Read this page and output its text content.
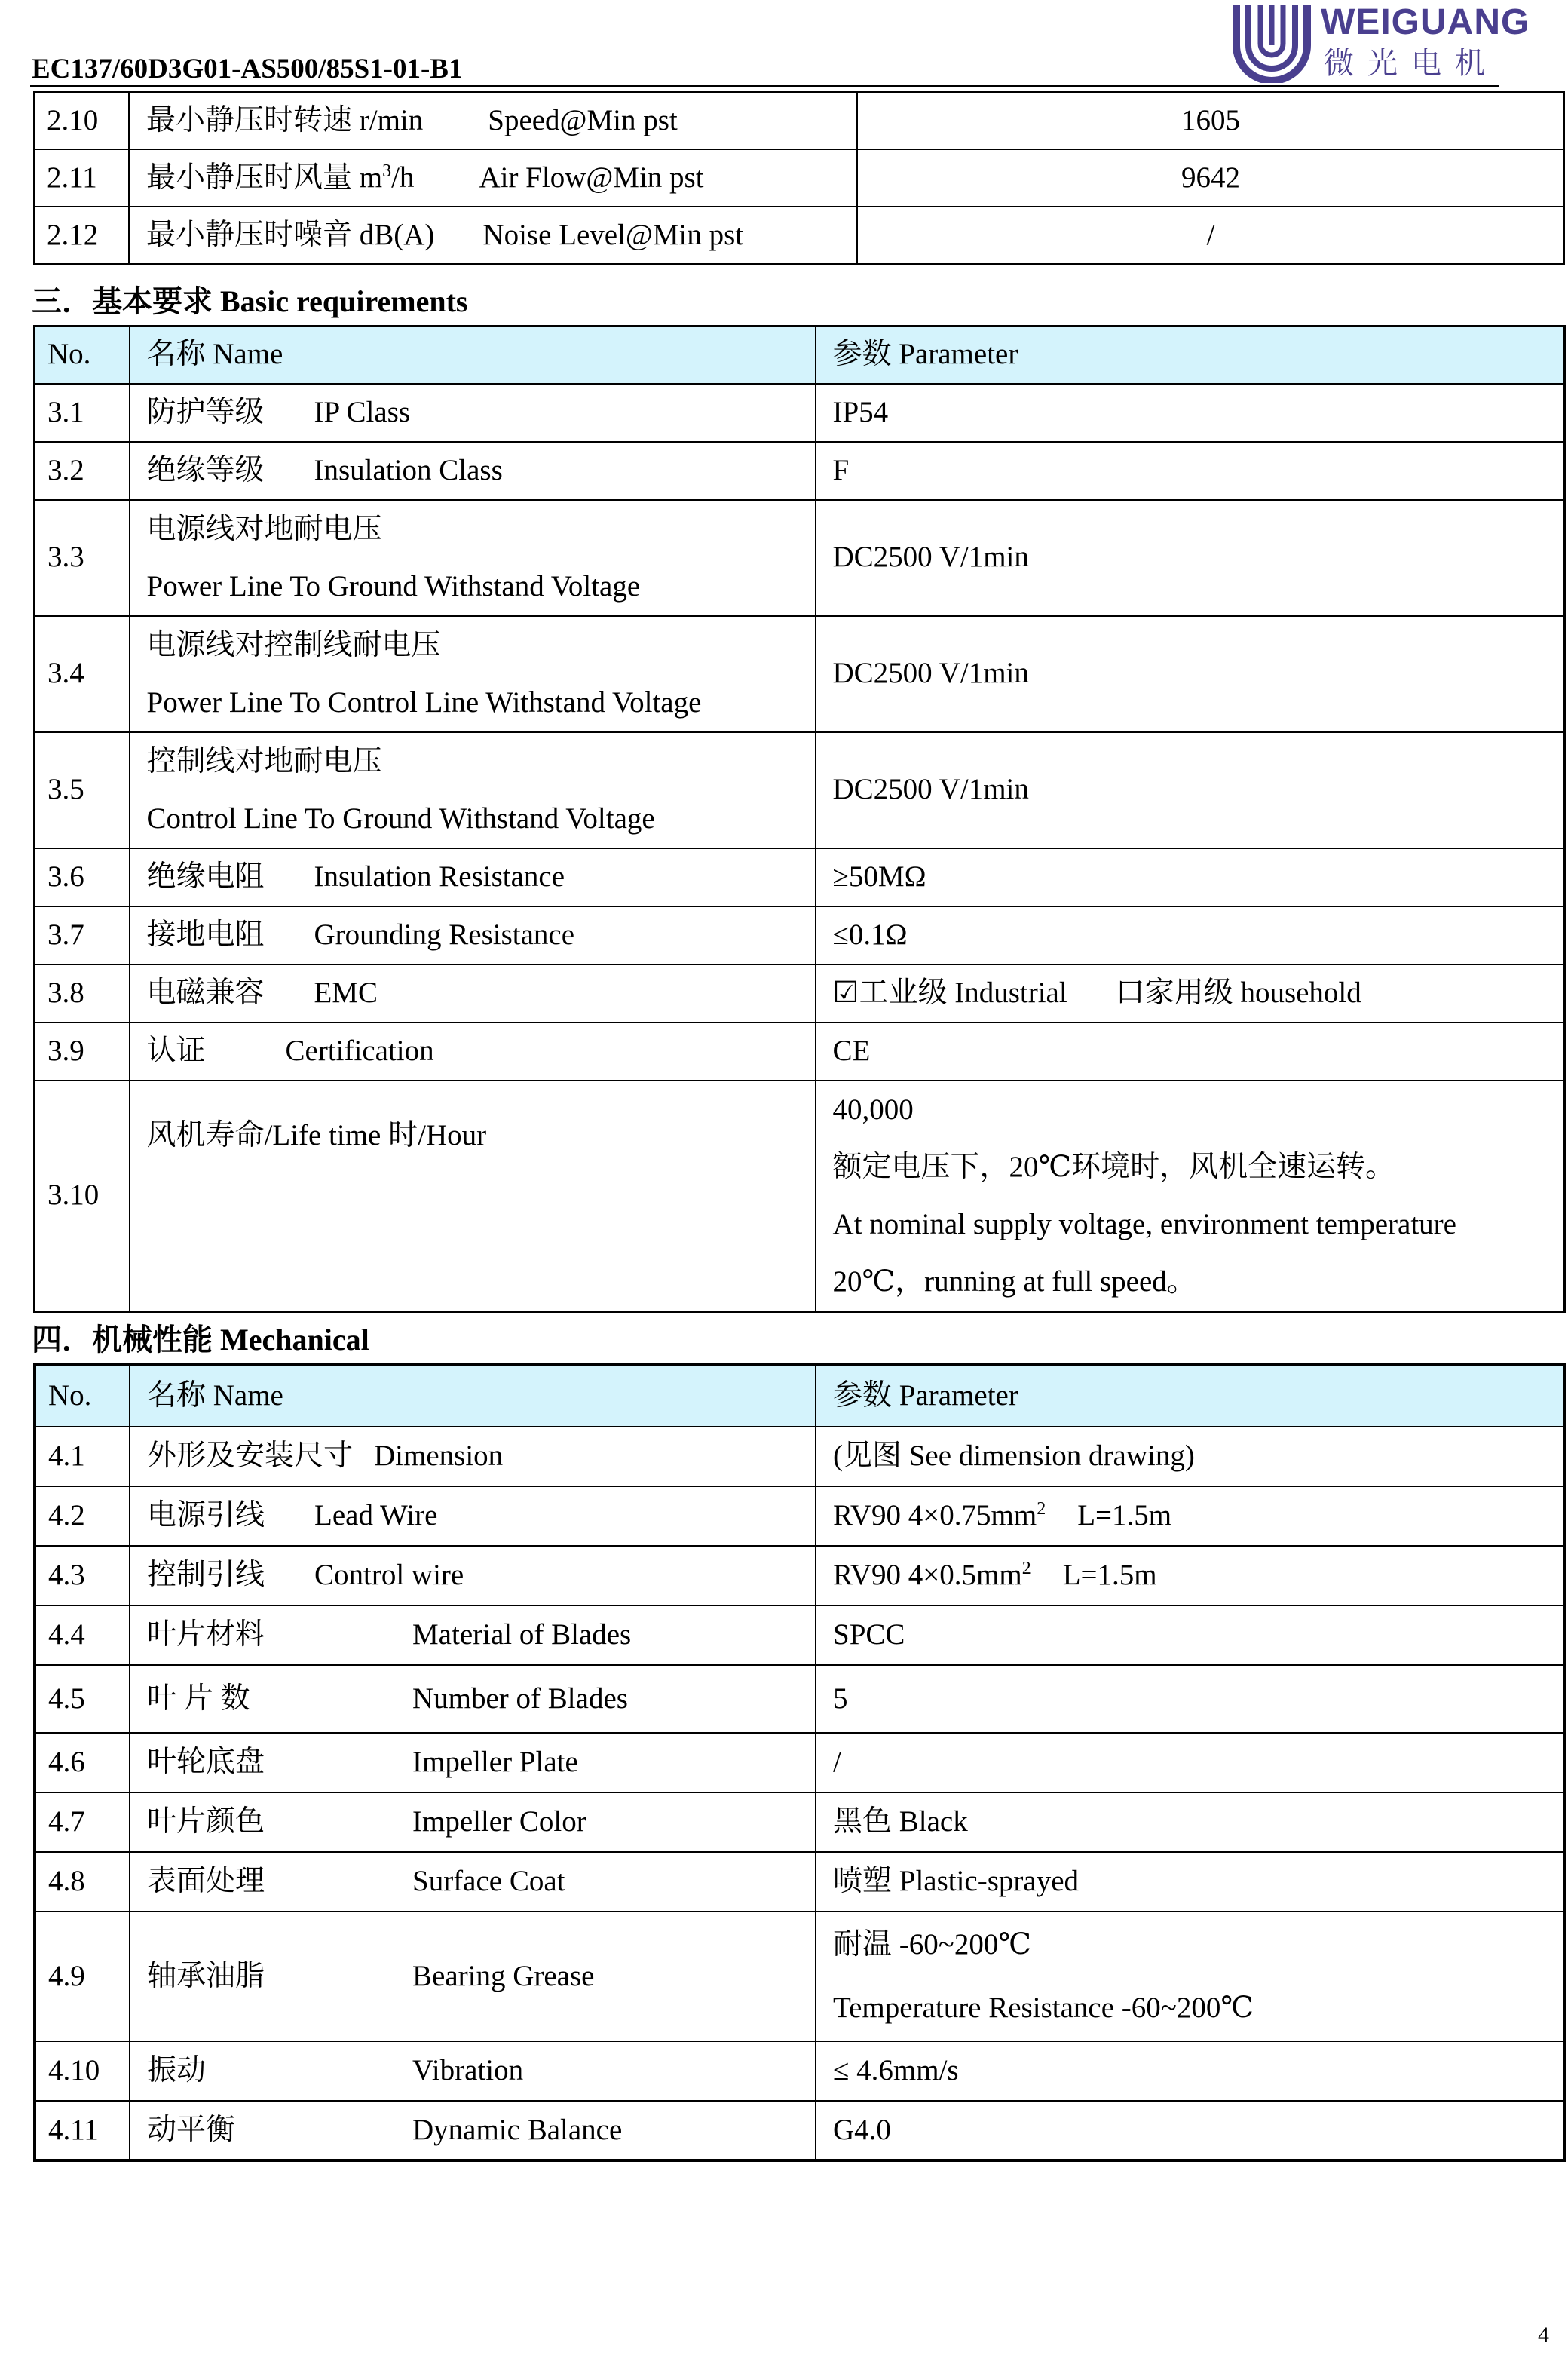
EC137/60D3G01-AS500/85S1-01-B1
WEIGUANG
微光电机
2.10	最小静压时转速 r/min Speed@Min pst	1605
2.11	最小静压时风量 $m^3/h$ Air Flow@Min pst	9642
2.12	最小静压时噪音 dB(A) Noise Level@Min pst	/
三．基本要求 Basic requirements
No.	名称 Name	参数 Parameter
3.1	防护等级 IP Class	IP54
3.2	绝缘等级 Insulation Class	F
3.3	电源线对地耐电压
Power Line To Ground Withstand Voltage	DC2500 V/1min
3.4	电源线对控制线耐电压
Power Line To Control Line Withstand Voltage	DC2500 V/1min
3.5	控制线对地耐电压
Control Line To Ground Withstand Voltage	DC2500 V/1min
3.6	绝缘电阻 Insulation Resistance	≥50MΩ
3.7	接地电阻 Grounding Resistance	≤0.1Ω
3.8	电磁兼容 EMC	☑工业级 Industrial 口家用级 household
3.9	认证 Certification	CE
3.10	风机寿命/Life time 时/Hour	40,000
额定电压下，20℃环境时，风机全速运转。
At nominal supply voltage, environment temperature
20℃，running at full speed。
四．机械性能 Mechanical
No.	名称 Name	参数 Parameter
4.1	外形及安装尺寸 Dimension	(见图 See dimension drawing)
4.2	电源引线 Lead Wire	RV90 $4\times 0.75mm^2$ L=1.5m
4.3	控制引线 Control wire	RV90 $4\times 0.5mm^2$ L=1.5m
4.4	叶片材料 Material of Blades	SPCC
4.5	叶 片 数 Number of Blades	5
4.6	叶轮底盘 Impeller Plate	/
4.7	叶片颜色 Impeller Color	黑色 Black
4.8	表面处理 Surface Coat	喷塑 Plastic-sprayed
4.9	轴承油脂 Bearing Grease	耐温 -60~200℃
Temperature Resistance -60~200℃

4.10	振动 Vibration	≤ 4.6mm/s
4.11	动平衡 Dynamic Balance	G4.0
4
